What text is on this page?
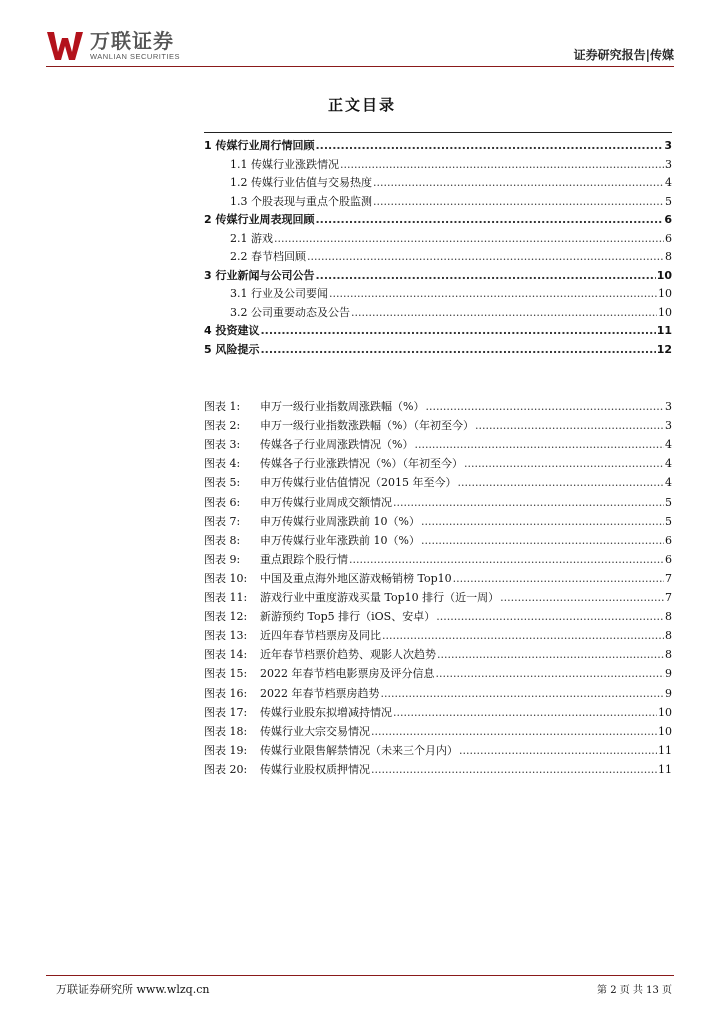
万联证券
WANLIAN SECURITIES	证券研究报告|传媒
正文目录
1 传媒行业周行情回顾 .....	3
1.1 传媒行业涨跌情况 .....	3
1.2 传媒行业估值与交易热度 .....	4
1.3 个股表现与重点个股监测 .....	5
2 传媒行业周表现回顾 .....	6
2.1 游戏 .....	6
2.2 春节档回顾 .....	8
3 行业新闻与公司公告 .....	10
3.1 行业及公司要闻 .....	10
3.2 公司重要动态及公告 .....	10
4 投资建议 .....	11
5 风险提示 .....	12
图表 1: 申万一级行业指数周涨跌幅（%） .....	3
图表 2: 申万一级行业指数涨跌幅（%）（年初至今） .....	3
图表 3: 传媒各子行业周涨跌情况（%） .....	4
图表 4: 传媒各子行业涨跌情况（%）（年初至今） .....	4
图表 5: 申万传媒行业估值情况（2015 年至今） .....	4
图表 6: 申万传媒行业周成交额情况 .....	5
图表 7: 申万传媒行业周涨跌前 10（%） .....	5
图表 8: 申万传媒行业年涨跌前 10（%） .....	6
图表 9: 重点跟踪个股行情 .....	6
图表 10: 中国及重点海外地区游戏畅销榜 Top10 .....	7
图表 11: 游戏行业中重度游戏买量 Top10 排行（近一周） .....	7
图表 12: 新游预约 Top5 排行（iOS、安卓） .....	8
图表 13: 近四年春节档票房及同比 .....	8
图表 14: 近年春节档票价趋势、观影人次趋势 .....	8
图表 15: 2022 年春节档电影票房及评分信息 .....	9
图表 16: 2022 年春节档票房趋势 .....	9
图表 17: 传媒行业股东拟增减持情况 .....	10
图表 18: 传媒行业大宗交易情况 .....	10
图表 19: 传媒行业限售解禁情况（未来三个月内） .....	11
图表 20: 传媒行业股权质押情况 .....	11
万联证券研究所 www.wlzq.cn	第 2 页 共 13 页
